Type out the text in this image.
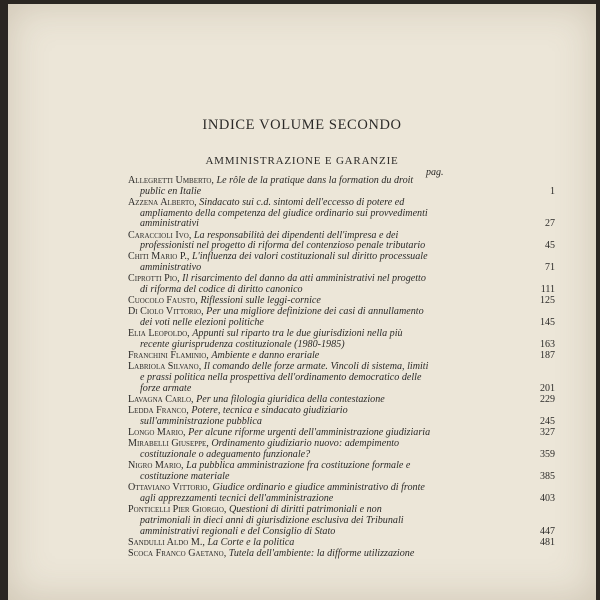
INDICE VOLUME SECONDO
AMMINISTRAZIONE E GARANZIE
pag.
Allegretti Umberto, Le rôle de la pratique dans la formation du droit public en Italie	1
Azzena Alberto, Sindacato sui c.d. sintomi dell'eccesso di potere ed ampliamento della competenza del giudice ordinario sui provvedimenti amministrativi	27
Caraccioli Ivo, La responsabilità dei dipendenti dell'impresa e dei professionisti nel progetto di riforma del contenzioso penale tributario	45
Chiti Mario P., L'influenza dei valori costituzionali sul diritto processuale amministrativo	71
Ciprotti Pio, Il risarcimento del danno da atti amministrativi nel progetto di riforma del codice di diritto canonico	111
Cuocolo Fausto, Riflessioni sulle leggi-cornice	125
Di Ciolo Vittorio, Per una migliore definizione dei casi di annullamento dei voti nelle elezioni politiche	145
Elia Leopoldo, Appunti sul riparto tra le due giurisdizioni nella più recente giurisprudenza costituzionale (1980-1985)	163
Franchini Flaminio, Ambiente e danno erariale	187
Labriola Silvano, Il comando delle forze armate. Vincoli di sistema, limiti e prassi politica nella prospettiva dell'ordinamento democratico delle forze armate	201
Lavagna Carlo, Per una filologia giuridica della contestazione	229
Ledda Franco, Potere, tecnica e sindacato giudiziario sull'amministrazione pubblica	245
Longo Mario, Per alcune riforme urgenti dell'amministrazione giudiziaria	327
Mirabelli Giuseppe, Ordinamento giudiziario nuovo: adempimento costituzionale o adeguamento funzionale?	359
Nigro Mario, La pubblica amministrazione fra costituzione formale e costituzione materiale	385
Ottaviano Vittorio, Giudice ordinario e giudice amministrativo di fronte agli apprezzamenti tecnici dell'amministrazione	403
Ponticelli Pier Giorgio, Questioni di diritti patrimoniali e non patrimoniali in dieci anni di giurisdizione esclusiva dei Tribunali amministrativi regionali e del Consiglio di Stato	447
Sandulli Aldo M., La Corte e la politica	481
Scoca Franco Gaetano, Tutela dell'ambiente: la difforme utilizzazione
